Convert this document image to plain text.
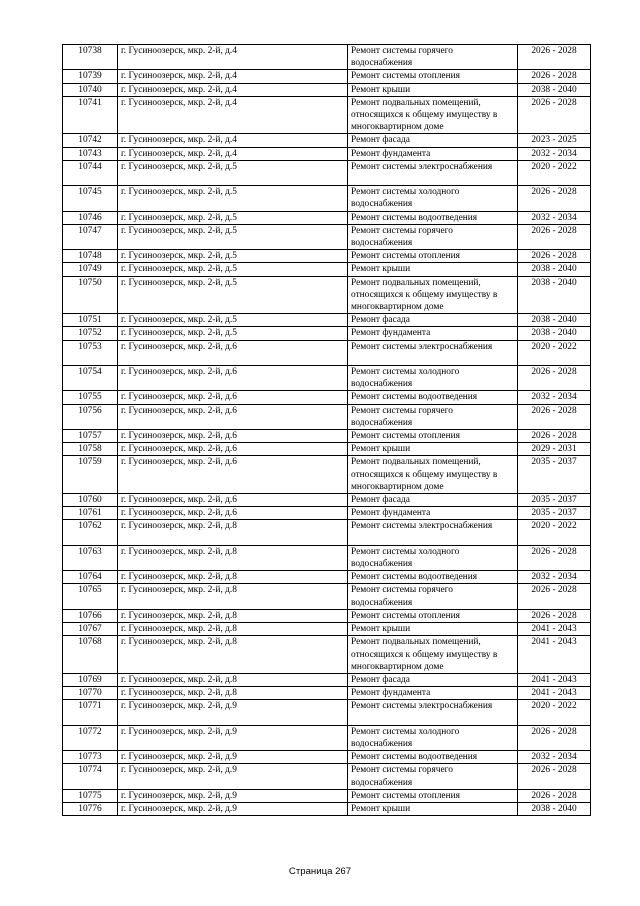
10738	г. Гусиноозерск, мкр. 2-й, д.4	Ремонт системы горячего водоснабжения	2026 - 2028
10739	г. Гусиноозерск, мкр. 2-й, д.4	Ремонт системы отопления	2026 - 2028
10740	г. Гусиноозерск, мкр. 2-й, д.4	Ремонт крыши	2038 - 2040
10741	г. Гусиноозерск, мкр. 2-й, д.4	Ремонт подвальных помещений, относящихся к общему имуществу в многоквартирном доме	2026 - 2028
10742	г. Гусиноозерск, мкр. 2-й, д.4	Ремонт фасада	2023 - 2025
10743	г. Гусиноозерск, мкр. 2-й, д.4	Ремонт фундамента	2032 - 2034
10744	г. Гусиноозерск, мкр. 2-й, д.5	Ремонт системы электроснабжения	2020 - 2022
10745	г. Гусиноозерск, мкр. 2-й, д.5	Ремонт системы холодного водоснабжения	2026 - 2028
10746	г. Гусиноозерск, мкр. 2-й, д.5	Ремонт системы водоотведения	2032 - 2034
10747	г. Гусиноозерск, мкр. 2-й, д.5	Ремонт системы горячего водоснабжения	2026 - 2028
10748	г. Гусиноозерск, мкр. 2-й, д.5	Ремонт системы отопления	2026 - 2028
10749	г. Гусиноозерск, мкр. 2-й, д.5	Ремонт крыши	2038 - 2040
10750	г. Гусиноозерск, мкр. 2-й, д.5	Ремонт подвальных помещений, относящихся к общему имуществу в многоквартирном доме	2038 - 2040
10751	г. Гусиноозерск, мкр. 2-й, д.5	Ремонт фасада	2038 - 2040
10752	г. Гусиноозерск, мкр. 2-й, д.5	Ремонт фундамента	2038 - 2040
10753	г. Гусиноозерск, мкр. 2-й, д.6	Ремонт системы электроснабжения	2020 - 2022
10754	г. Гусиноозерск, мкр. 2-й, д.6	Ремонт системы холодного водоснабжения	2026 - 2028
10755	г. Гусиноозерск, мкр. 2-й, д.6	Ремонт системы водоотведения	2032 - 2034
10756	г. Гусиноозерск, мкр. 2-й, д.6	Ремонт системы горячего водоснабжения	2026 - 2028
10757	г. Гусиноозерск, мкр. 2-й, д.6	Ремонт системы отопления	2026 - 2028
10758	г. Гусиноозерск, мкр. 2-й, д.6	Ремонт крыши	2029 - 2031
10759	г. Гусиноозерск, мкр. 2-й, д.6	Ремонт подвальных помещений, относящихся к общему имуществу в многоквартирном доме	2035 - 2037
10760	г. Гусиноозерск, мкр. 2-й, д.6	Ремонт фасада	2035 - 2037
10761	г. Гусиноозерск, мкр. 2-й, д.6	Ремонт фундамента	2035 - 2037
10762	г. Гусиноозерск, мкр. 2-й, д.8	Ремонт системы электроснабжения	2020 - 2022
10763	г. Гусиноозерск, мкр. 2-й, д.8	Ремонт системы холодного водоснабжения	2026 - 2028
10764	г. Гусиноозерск, мкр. 2-й, д.8	Ремонт системы водоотведения	2032 - 2034
10765	г. Гусиноозерск, мкр. 2-й, д.8	Ремонт системы горячего водоснабжения	2026 - 2028
10766	г. Гусиноозерск, мкр. 2-й, д.8	Ремонт системы отопления	2026 - 2028
10767	г. Гусиноозерск, мкр. 2-й, д.8	Ремонт крыши	2041 - 2043
10768	г. Гусиноозерск, мкр. 2-й, д.8	Ремонт подвальных помещений, относящихся к общему имуществу в многоквартирном доме	2041 - 2043
10769	г. Гусиноозерск, мкр. 2-й, д.8	Ремонт фасада	2041 - 2043
10770	г. Гусиноозерск, мкр. 2-й, д.8	Ремонт фундамента	2041 - 2043
10771	г. Гусиноозерск, мкр. 2-й, д.9	Ремонт системы электроснабжения	2020 - 2022
10772	г. Гусиноозерск, мкр. 2-й, д.9	Ремонт системы холодного водоснабжения	2026 - 2028
10773	г. Гусиноозерск, мкр. 2-й, д.9	Ремонт системы водоотведения	2032 - 2034
10774	г. Гусиноозерск, мкр. 2-й, д.9	Ремонт системы горячего водоснабжения	2026 - 2028
10775	г. Гусиноозерск, мкр. 2-й, д.9	Ремонт системы отопления	2026 - 2028
10776	г. Гусиноозерск, мкр. 2-й, д.9	Ремонт крыши	2038 - 2040
Страница 267
